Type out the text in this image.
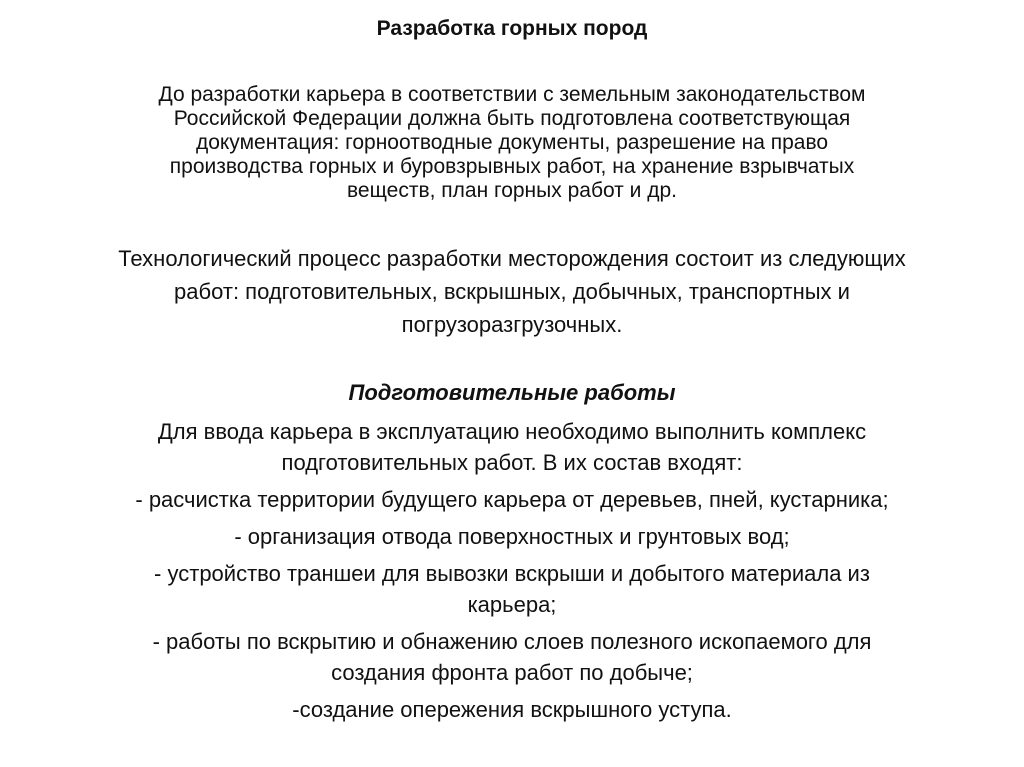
Разработка горных пород
До разработки карьера в соответствии с земельным законодательством
Российской Федерации должна быть подготовлена соответствующая
документация: горноотводные документы, разрешение на право
производства горных и буровзрывных работ, на хранение взрывчатых
веществ, план горных работ и др.
Технологический процесс разработки месторождения состоит из следующих
работ: подготовительных, вскрышных, добычных, транспортных и
погрузоразгрузочных.
Подготовительные работы
Для ввода карьера в эксплуатацию необходимо выполнить комплекс
подготовительных работ. В их состав входят:
- расчистка территории будущего карьера от деревьев, пней, кустарника;
- организация отвода поверхностных и грунтовых вод;
- устройство траншеи для вывозки вскрыши и добытого материала из
карьера;
- работы по вскрытию и обнажению слоев полезного ископаемого для
создания фронта работ по добыче;
-создание опережения вскрышного уступа.
